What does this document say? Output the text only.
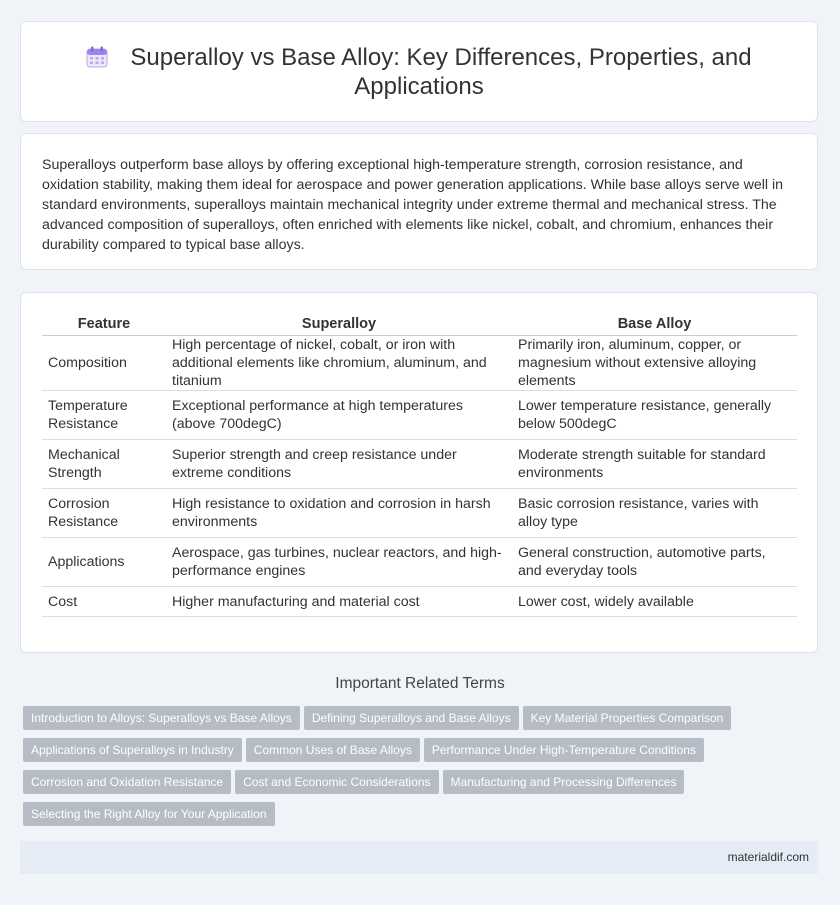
Superalloy vs Base Alloy: Key Differences, Properties, and Applications

Superalloys outperform base alloys by offering exceptional high-temperature strength, corrosion resistance, and oxidation stability, making them ideal for aerospace and power generation applications. While base alloys serve well in standard environments, superalloys maintain mechanical integrity under extreme thermal and mechanical stress. The advanced composition of superalloys, often enriched with elements like nickel, cobalt, and chromium, enhances their durability compared to typical base alloys.

Feature	Superalloy	Base Alloy
Composition	High percentage of nickel, cobalt, or iron with additional elements like chromium, aluminum, and titanium	Primarily iron, aluminum, copper, or magnesium without extensive alloying elements
Temperature Resistance	Exceptional performance at high temperatures (above 700degC)	Lower temperature resistance, generally below 500degC
Mechanical Strength	Superior strength and creep resistance under extreme conditions	Moderate strength suitable for standard environments
Corrosion Resistance	High resistance to oxidation and corrosion in harsh environments	Basic corrosion resistance, varies with alloy type
Applications	Aerospace, gas turbines, nuclear reactors, and high-performance engines	General construction, automotive parts, and everyday tools
Cost	Higher manufacturing and material cost	Lower cost, widely available
Important Related Terms
Introduction to Alloys: Superalloys vs Base Alloys Defining Superalloys and Base Alloys Key Material Properties Comparison
Applications of Superalloys in Industry Common Uses of Base Alloys Performance Under High-Temperature Conditions
Corrosion and Oxidation Resistance Cost and Economic Considerations Manufacturing and Processing Differences
Selecting the Right Alloy for Your Application
materialdif.com
